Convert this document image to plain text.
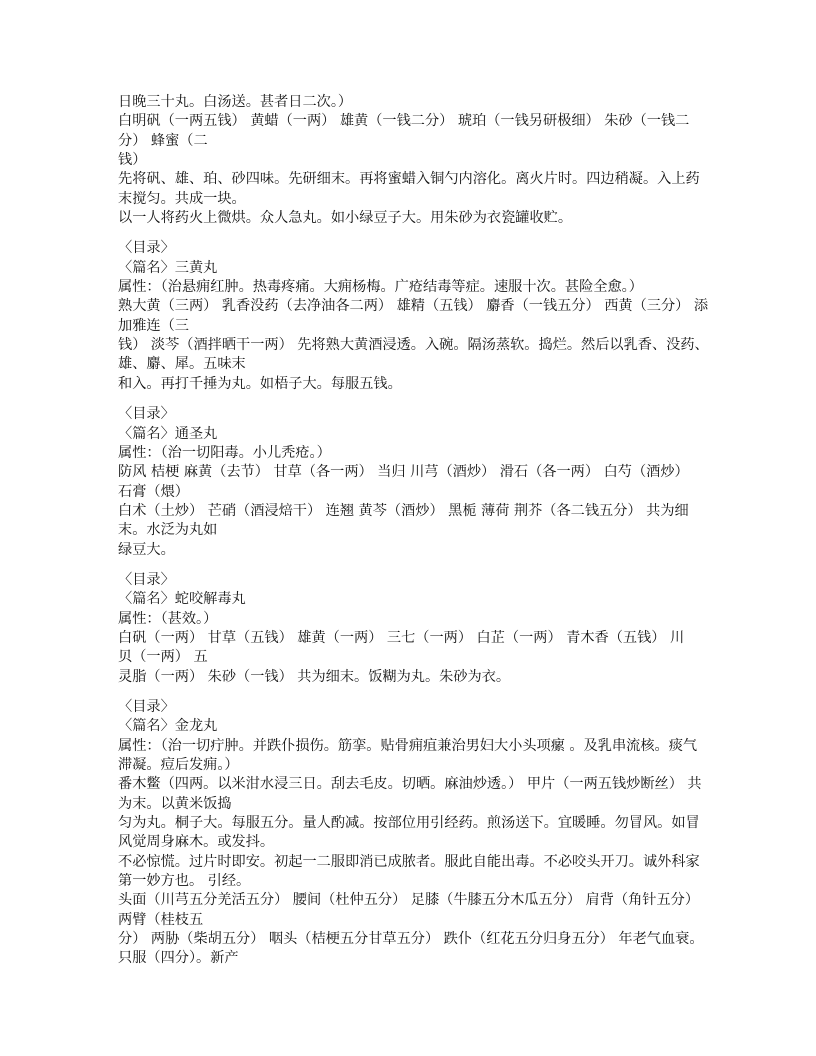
日晚三十丸。白汤送。甚者日二次。）
白明矾（一两五钱） 黄蜡（一两） 雄黄（一钱二分） 琥珀（一钱另研极细） 朱砂（一钱二
分） 蜂蜜（二
钱）
先将矾、雄、珀、砂四味。先研细末。再将蜜蜡入铜勺内溶化。离火片时。四边稍凝。入上药
末搅匀。共成一块。
以一人将药火上微烘。众人急丸。如小绿豆子大。用朱砂为衣瓷罐收贮。
〈目录〉
〈篇名〉三黄丸
属性：（治悬痈红肿。热毒疼痛。大痈杨梅。广疮结毒等症。速服十次。甚险全愈。）
熟大黄（三两） 乳香没药（去净油各二两） 雄精（五钱） 麝香（一钱五分） 西黄（三分） 添
加雅连（三
钱） 淡芩（酒拌晒干一两） 先将熟大黄酒浸透。入碗。隔汤蒸软。捣烂。然后以乳香、没药、
雄、麝、犀。五味末
和入。再打千捶为丸。如梧子大。每服五钱。
〈目录〉
〈篇名〉通圣丸
属性：（治一切阳毒。小儿秃疮。）
防风 桔梗 麻黄（去节） 甘草（各一两） 当归 川芎（酒炒） 滑石（各一两） 白芍（酒炒）
石膏（煨）
白术（土炒） 芒硝（酒浸焙干） 连翘 黄芩（酒炒） 黑栀 薄荷 荆芥（各二钱五分） 共为细
末。水泛为丸如
绿豆大。
〈目录〉
〈篇名〉蛇咬解毒丸
属性：（甚效。）
白矾（一两） 甘草（五钱） 雄黄（一两） 三七（一两） 白芷（一两） 青木香（五钱） 川
贝（一两） 五
灵脂（一两） 朱砂（一钱） 共为细末。饭糊为丸。朱砂为衣。
〈目录〉
〈篇名〉金龙丸
属性：（治一切疔肿。并跌仆损伤。筋挛。贴骨痈疽兼治男妇大小头项瘰 。及乳串流核。痰气
滞凝。痘后发痈。）
番木鳖（四两。以米泔水浸三日。刮去毛皮。切晒。麻油炒透。） 甲片（一两五钱炒断丝） 共
为末。以黄米饭捣
匀为丸。桐子大。每服五分。量人酌减。按部位用引经药。煎汤送下。宜暖睡。勿冒风。如冒
风觉周身麻木。或发抖。
不必惊慌。过片时即安。初起一二服即消已成脓者。服此自能出毒。不必咬头开刀。诚外科家
第一妙方也。 引经。
头面（川芎五分羌活五分） 腰间（杜仲五分） 足膝（牛膝五分木瓜五分） 肩背（角针五分）
两臂（桂枝五
分） 两胁（柴胡五分） 咽头（桔梗五分甘草五分） 跌仆（红花五分归身五分） 年老气血衰。
只服（四分）。新产
